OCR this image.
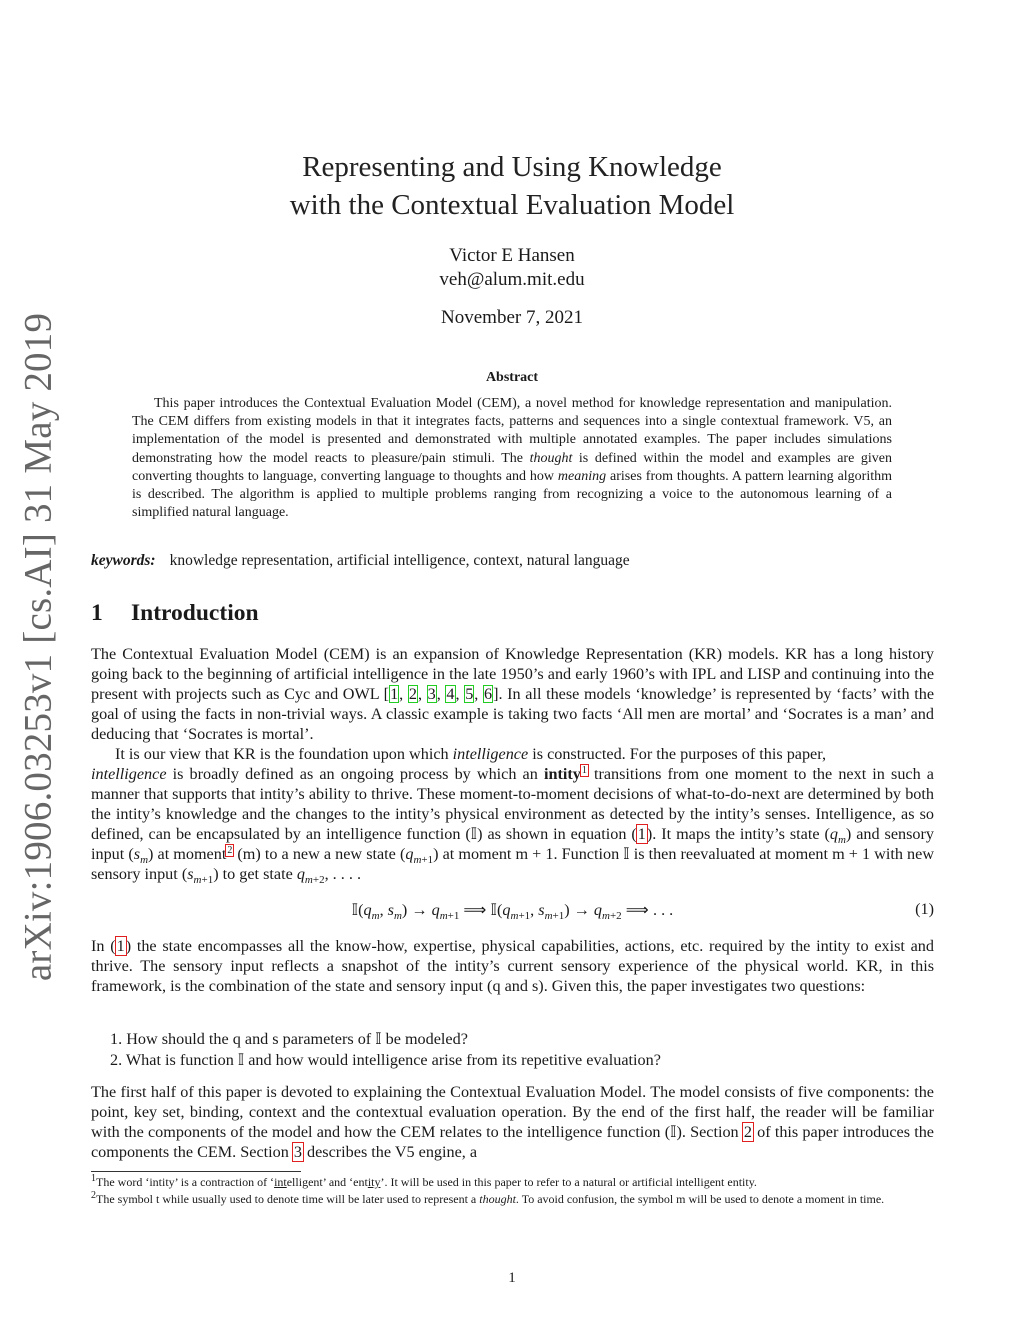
arXiv:1906.03253v1 [cs.AI] 31 May 2019
Representing and Using Knowledge
with the Contextual Evaluation Model
Victor E Hansen
veh@alum.mit.edu
November 7, 2021
Abstract
This paper introduces the Contextual Evaluation Model (CEM), a novel method for knowledge representation and manipulation. The CEM differs from existing models in that it integrates facts, patterns and sequences into a single contextual framework. V5, an implementation of the model is presented and demonstrated with multiple annotated examples. The paper includes simulations demonstrating how the model reacts to pleasure/pain stimuli. The thought is defined within the model and examples are given converting thoughts to language, converting language to thoughts and how meaning arises from thoughts. A pattern learning algorithm is described. The algorithm is applied to multiple problems ranging from recognizing a voice to the autonomous learning of a simplified natural language.
keywords: knowledge representation, artificial intelligence, context, natural language
1 Introduction
The Contextual Evaluation Model (CEM) is an expansion of Knowledge Representation (KR) models. KR has a long history going back to the beginning of artificial intelligence in the late 1950’s and early 1960’s with IPL and LISP and continuing into the present with projects such as Cyc and OWL [1, 2, 3, 4, 5, 6]. In all these models ‘knowledge’ is represented by ‘facts’ with the goal of using the facts in non-trivial ways. A classic example is taking two facts ‘All men are mortal’ and ‘Socrates is a man’ and deducing that ‘Socrates is mortal’.
It is our view that KR is the foundation upon which intelligence is constructed. For the purposes of this paper,
intelligence is broadly defined as an ongoing process by which an intity$^1$ transitions from one moment to the next in such a manner that supports that intity’s ability to thrive. These moment-to-moment decisions of what-to-do-next are determined by both the intity’s knowledge and the changes to the intity’s physical environment as detected by the intity’s senses. Intelligence, as so defined, can be encapsulated by an intelligence function (𝕀) as shown in equation (1). It maps the intity’s state $(q_m)$ and sensory input $(s_m)$ at moment$^2$ (m) to a new a new state $(q_{m+1})$ at moment m + 1. Function 𝕀 is then reevaluated at moment m + 1 with new sensory input $(s_{m+1})$ to get state $q_{m+2}$, . . . .
$𝕀(q_m$, $s_m) \to q_{m+1}$ ⟹ $𝕀(q_{m+1}$, $s_{m+1}) \to q_{m+2}$ ⟹ . . .	(1)
In (1) the state encompasses all the know-how, expertise, physical capabilities, actions, etc. required by the intity to exist and thrive. The sensory input reflects a snapshot of the intity’s current sensory experience of the physical world. KR, in this framework, is the combination of the state and sensory input (q and s). Given this, the paper investigates two questions:
1. How should the q and s parameters of 𝕀 be modeled?
2. What is function 𝕀 and how would intelligence arise from its repetitive evaluation?
The first half of this paper is devoted to explaining the Contextual Evaluation Model. The model consists of five components: the point, key set, binding, context and the contextual evaluation operation. By the end of the first half, the reader will be familiar with the components of the model and how the CEM relates to the intelligence function (𝕀). Section 2 of this paper introduces the components the CEM. Section 3 describes the V5 engine, a

$^1$The word ‘intity’ is a contraction of ‘intelligent’ and ‘entity’. It will be used in this paper to refer to a natural or artificial intelligent entity.

$^2$The symbol t while usually used to denote time will be later used to represent a thought. To avoid confusion, the symbol m will be used to denote a moment in time.

1
